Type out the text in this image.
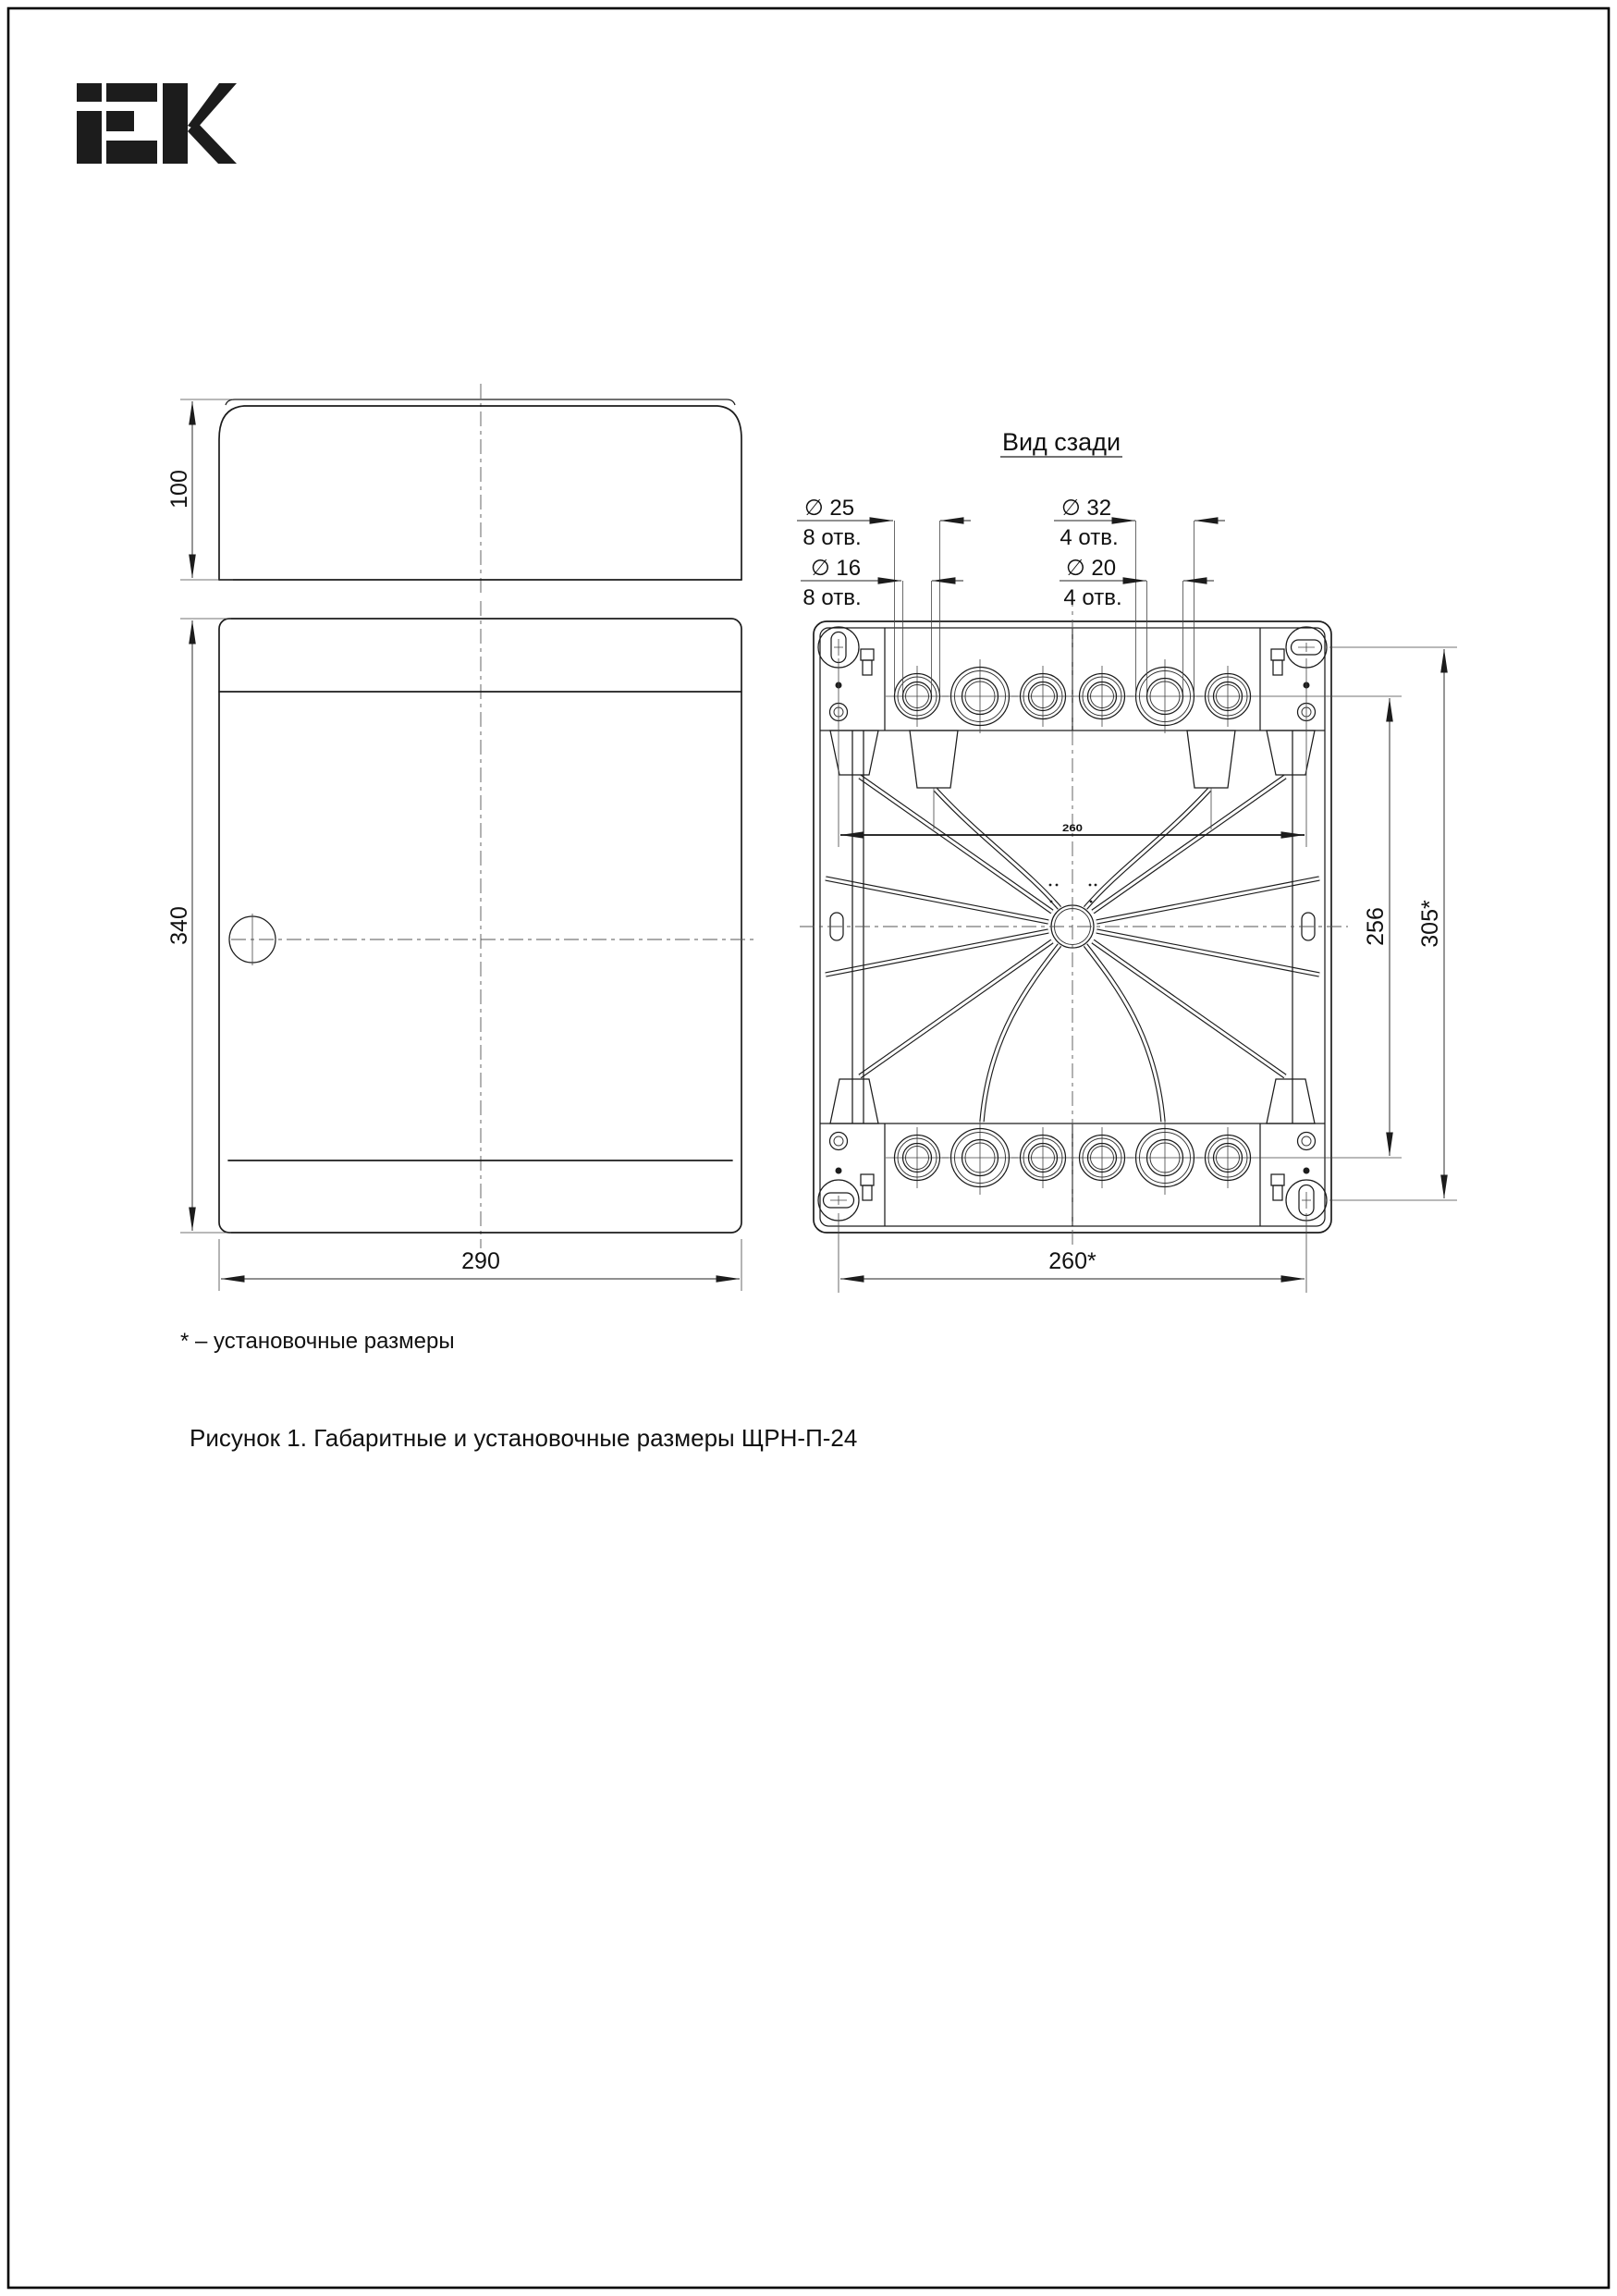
100
340
290
Вид сзади
∅ 25
8 отв.
∅ 32
4 отв.
∅ 16
8 отв.
∅ 20
4 отв.
260
256 305*
260*
* – установочные размеры
Рисунок 1. Габаритные и установочные размеры ЩРН-П-24
